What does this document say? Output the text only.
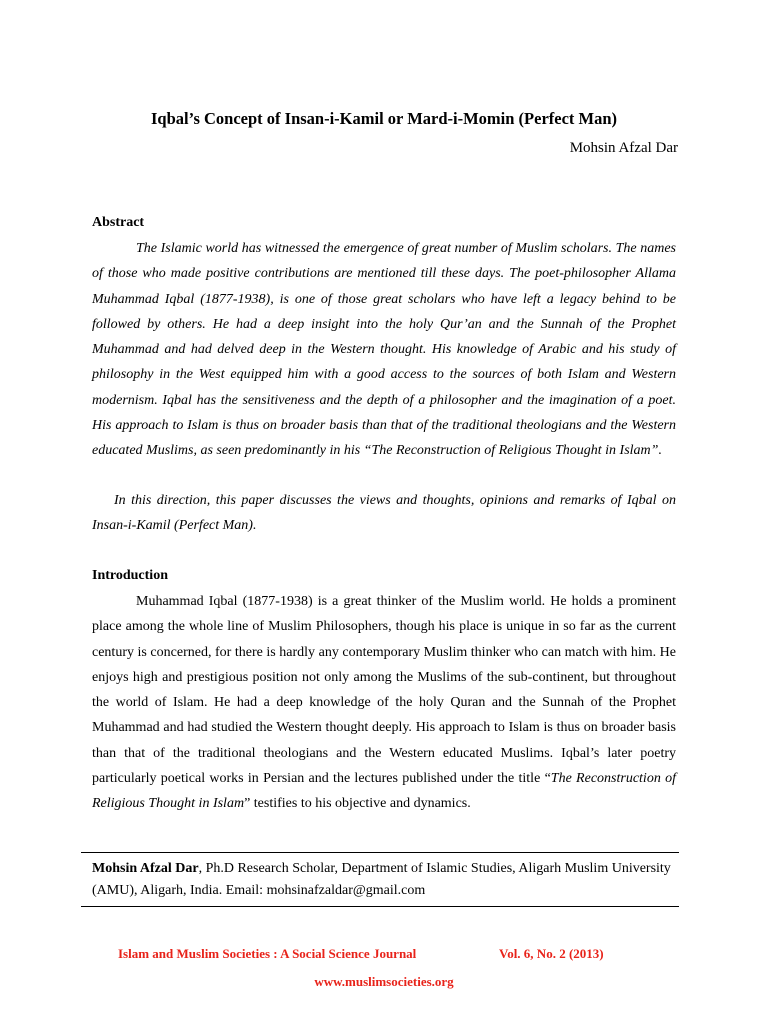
Iqbal’s Concept of Insan-i-Kamil or Mard-i-Momin (Perfect Man)
Mohsin Afzal Dar
Abstract

The Islamic world has witnessed the emergence of great number of Muslim scholars. The names of those who made positive contributions are mentioned till these days. The poet-philosopher Allama Muhammad Iqbal (1877-1938), is one of those great scholars who have left a legacy behind to be followed by others. He had a deep insight into the holy Qur’an and the Sunnah of the Prophet Muhammad and had delved deep in the Western thought. His knowledge of Arabic and his study of philosophy in the West equipped him with a good access to the sources of both Islam and Western modernism. Iqbal has the sensitiveness and the depth of a philosopher and the imagination of a poet. His approach to Islam is thus on broader basis than that of the traditional theologians and the Western educated Muslims, as seen predominantly in his “The Reconstruction of Religious Thought in Islam”.

In this direction, this paper discusses the views and thoughts, opinions and remarks of Iqbal on Insan-i-Kamil (Perfect Man).

Introduction

Muhammad Iqbal (1877-1938) is a great thinker of the Muslim world. He holds a prominent place among the whole line of Muslim Philosophers, though his place is unique in so far as the current century is concerned, for there is hardly any contemporary Muslim thinker who can match with him. He enjoys high and prestigious position not only among the Muslims of the sub-continent, but throughout the world of Islam. He had a deep knowledge of the holy Quran and the Sunnah of the Prophet Muhammad and had studied the Western thought deeply. His approach to Islam is thus on broader basis than that of the traditional theologians and the Western educated Muslims. Iqbal’s later poetry particularly poetical works in Persian and the lectures published under the title “The Reconstruction of Religious Thought in Islam” testifies to his objective and dynamics.

Mohsin Afzal Dar, Ph.D Research Scholar, Department of Islamic Studies, Aligarh Muslim University (AMU), Aligarh, India. Email: mohsinafzaldar@gmail.com

Islam and Muslim Societies : A Social Science Journal	Vol. 6, No. 2 (2013)
www.muslimsocieties.org
